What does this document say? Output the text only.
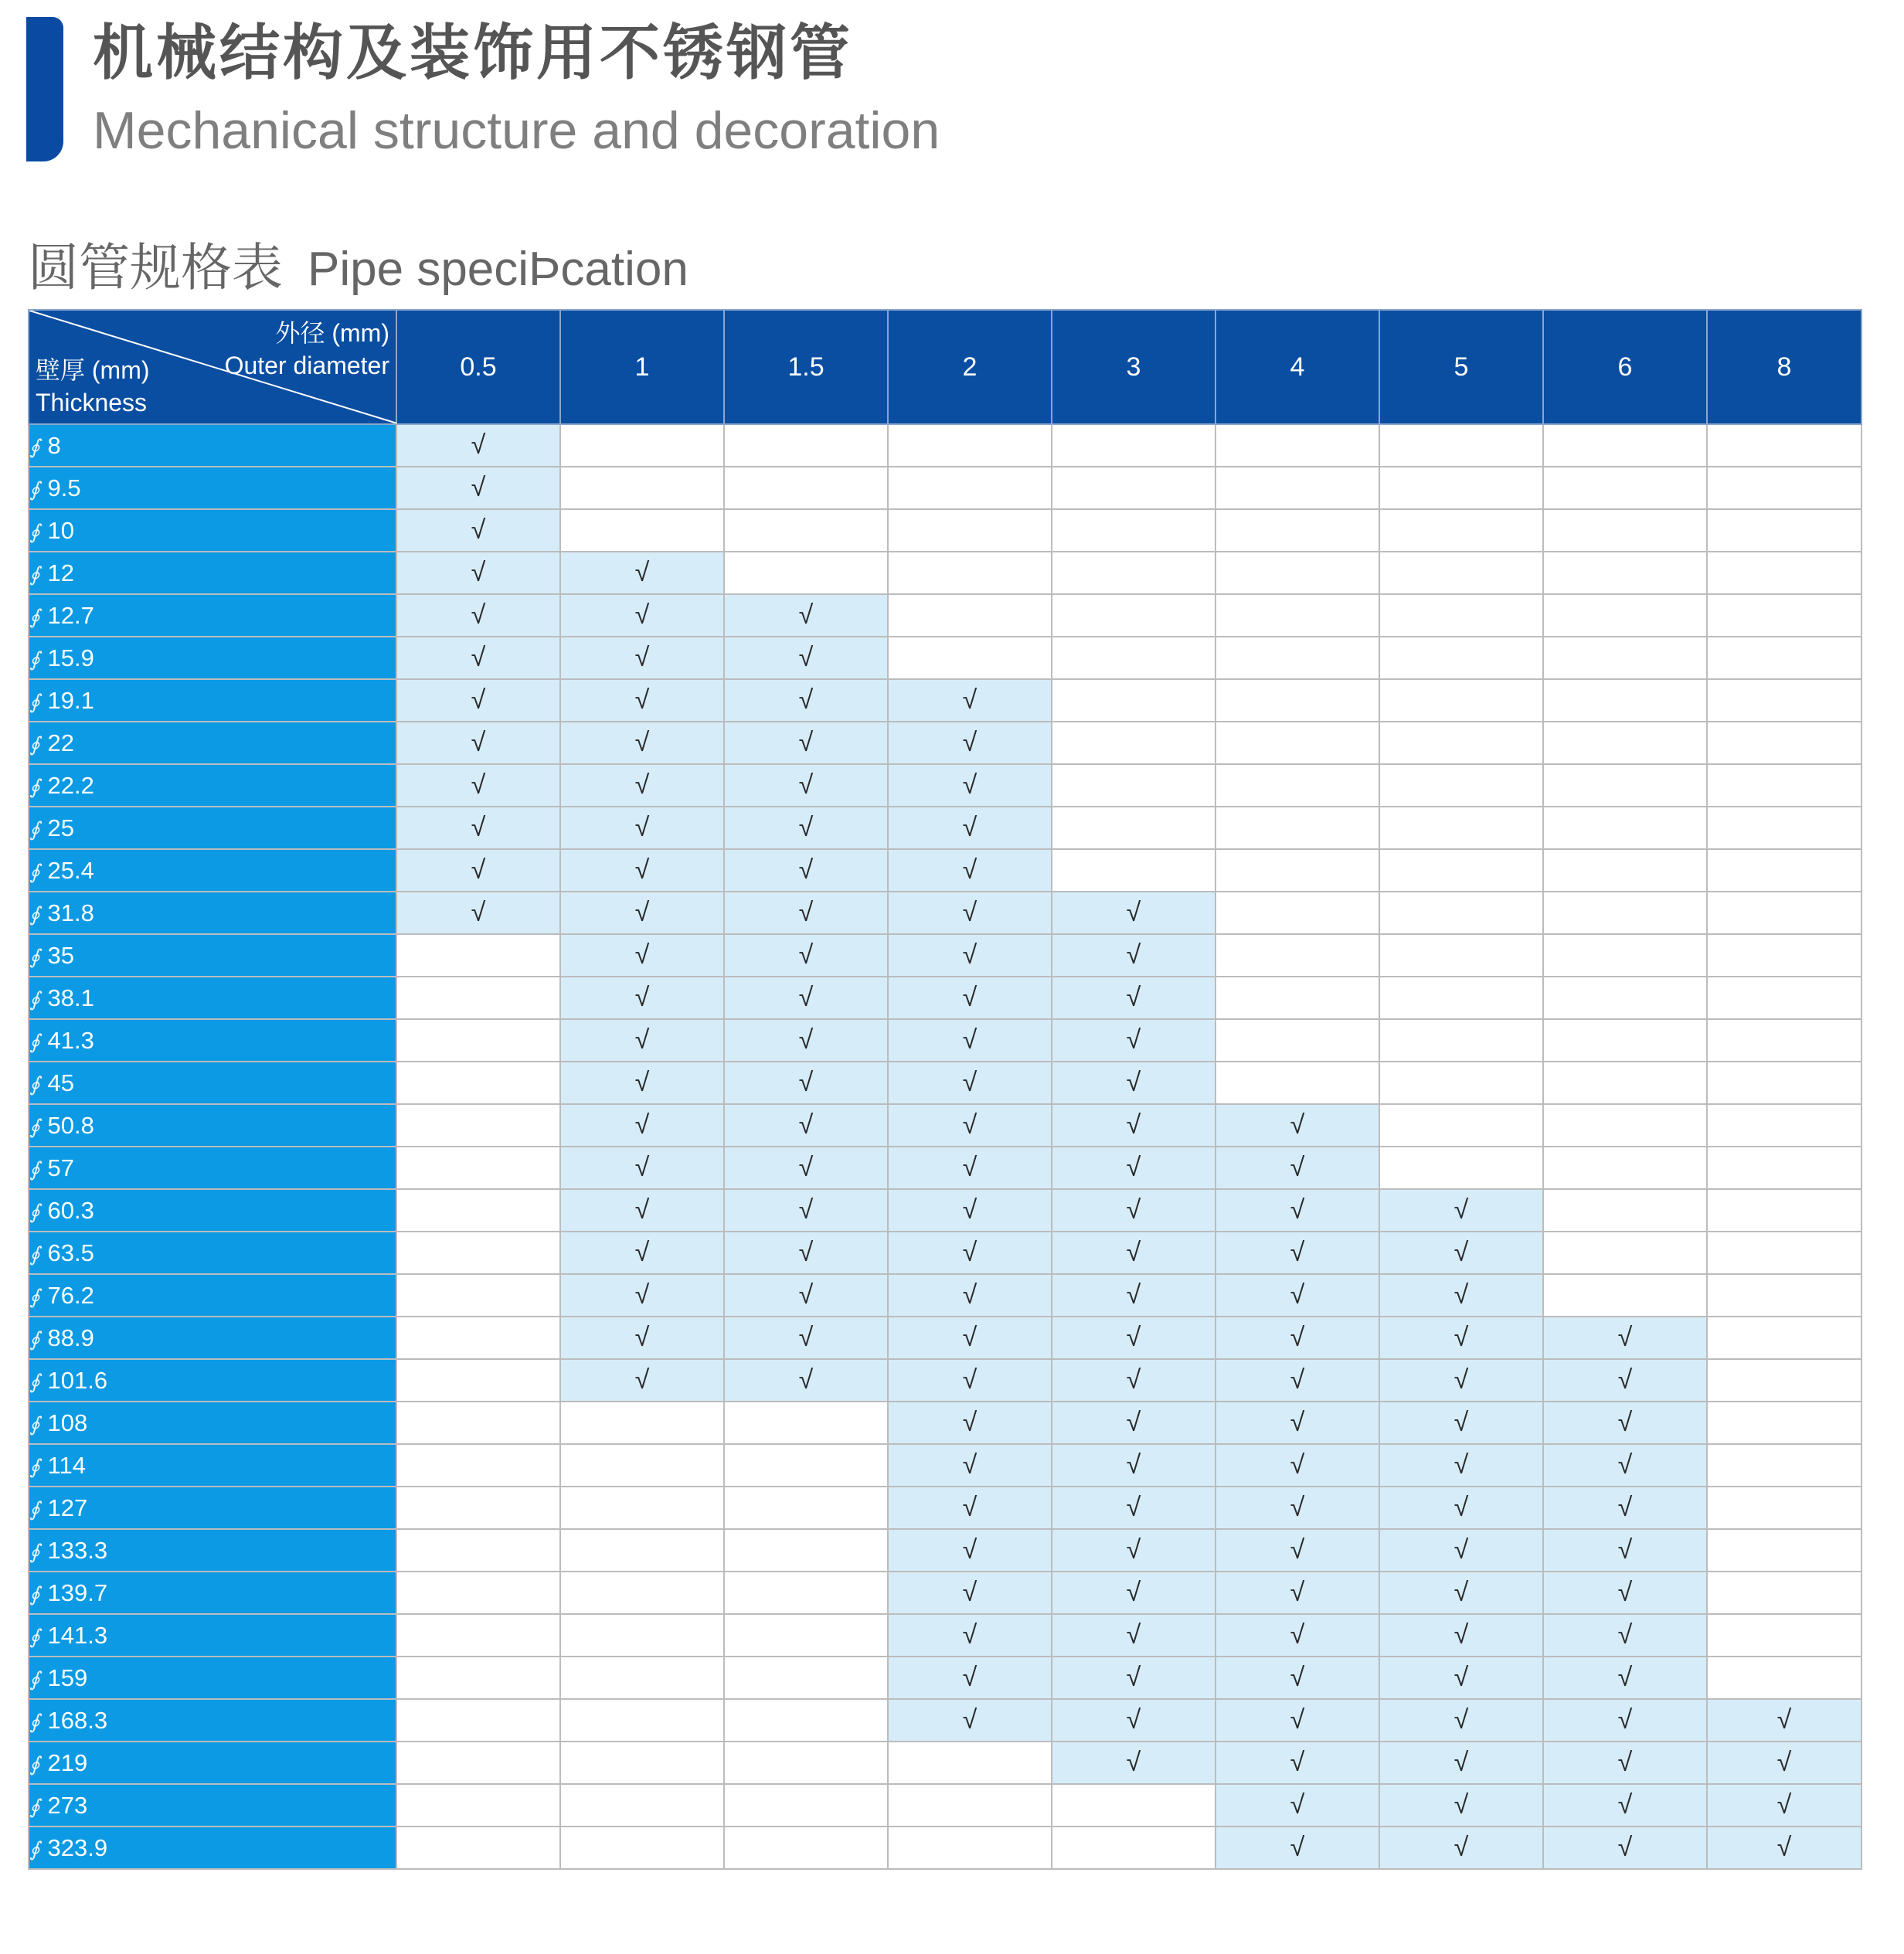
机械结构及装饰用不锈钢管
Mechanical structure and decoration
圆管规格表 Pipe speciÞcation
外径 (mm)
Outer diameter
壁厚 (mm)
Thickness	0.5	1	1.5	2	3	4	5	6	8
∮ 8	√								
∮ 9.5	√								
∮ 10	√								
∮ 12	√	√							
∮ 12.7	√	√	√						
∮ 15.9	√	√	√						
∮ 19.1	√	√	√	√					
∮ 22	√	√	√	√					
∮ 22.2	√	√	√	√					
∮ 25	√	√	√	√					
∮ 25.4	√	√	√	√					
∮ 31.8	√	√	√	√	√				
∮ 35		√	√	√	√				
∮ 38.1		√	√	√	√				
∮ 41.3		√	√	√	√				
∮ 45		√	√	√	√				
∮ 50.8		√	√	√	√	√			
∮ 57		√	√	√	√	√			
∮ 60.3		√	√	√	√	√	√		
∮ 63.5		√	√	√	√	√	√		
∮ 76.2		√	√	√	√	√	√		
∮ 88.9		√	√	√	√	√	√	√	
∮ 101.6		√	√	√	√	√	√	√	
∮ 108				√	√	√	√	√	
∮ 114				√	√	√	√	√	
∮ 127				√	√	√	√	√	
∮ 133.3				√	√	√	√	√	
∮ 139.7				√	√	√	√	√	
∮ 141.3				√	√	√	√	√	
∮ 159				√	√	√	√	√	
∮ 168.3				√	√	√	√	√	√
∮ 219					√	√	√	√	√
∮ 273						√	√	√	√
∮ 323.9						√	√	√	√
